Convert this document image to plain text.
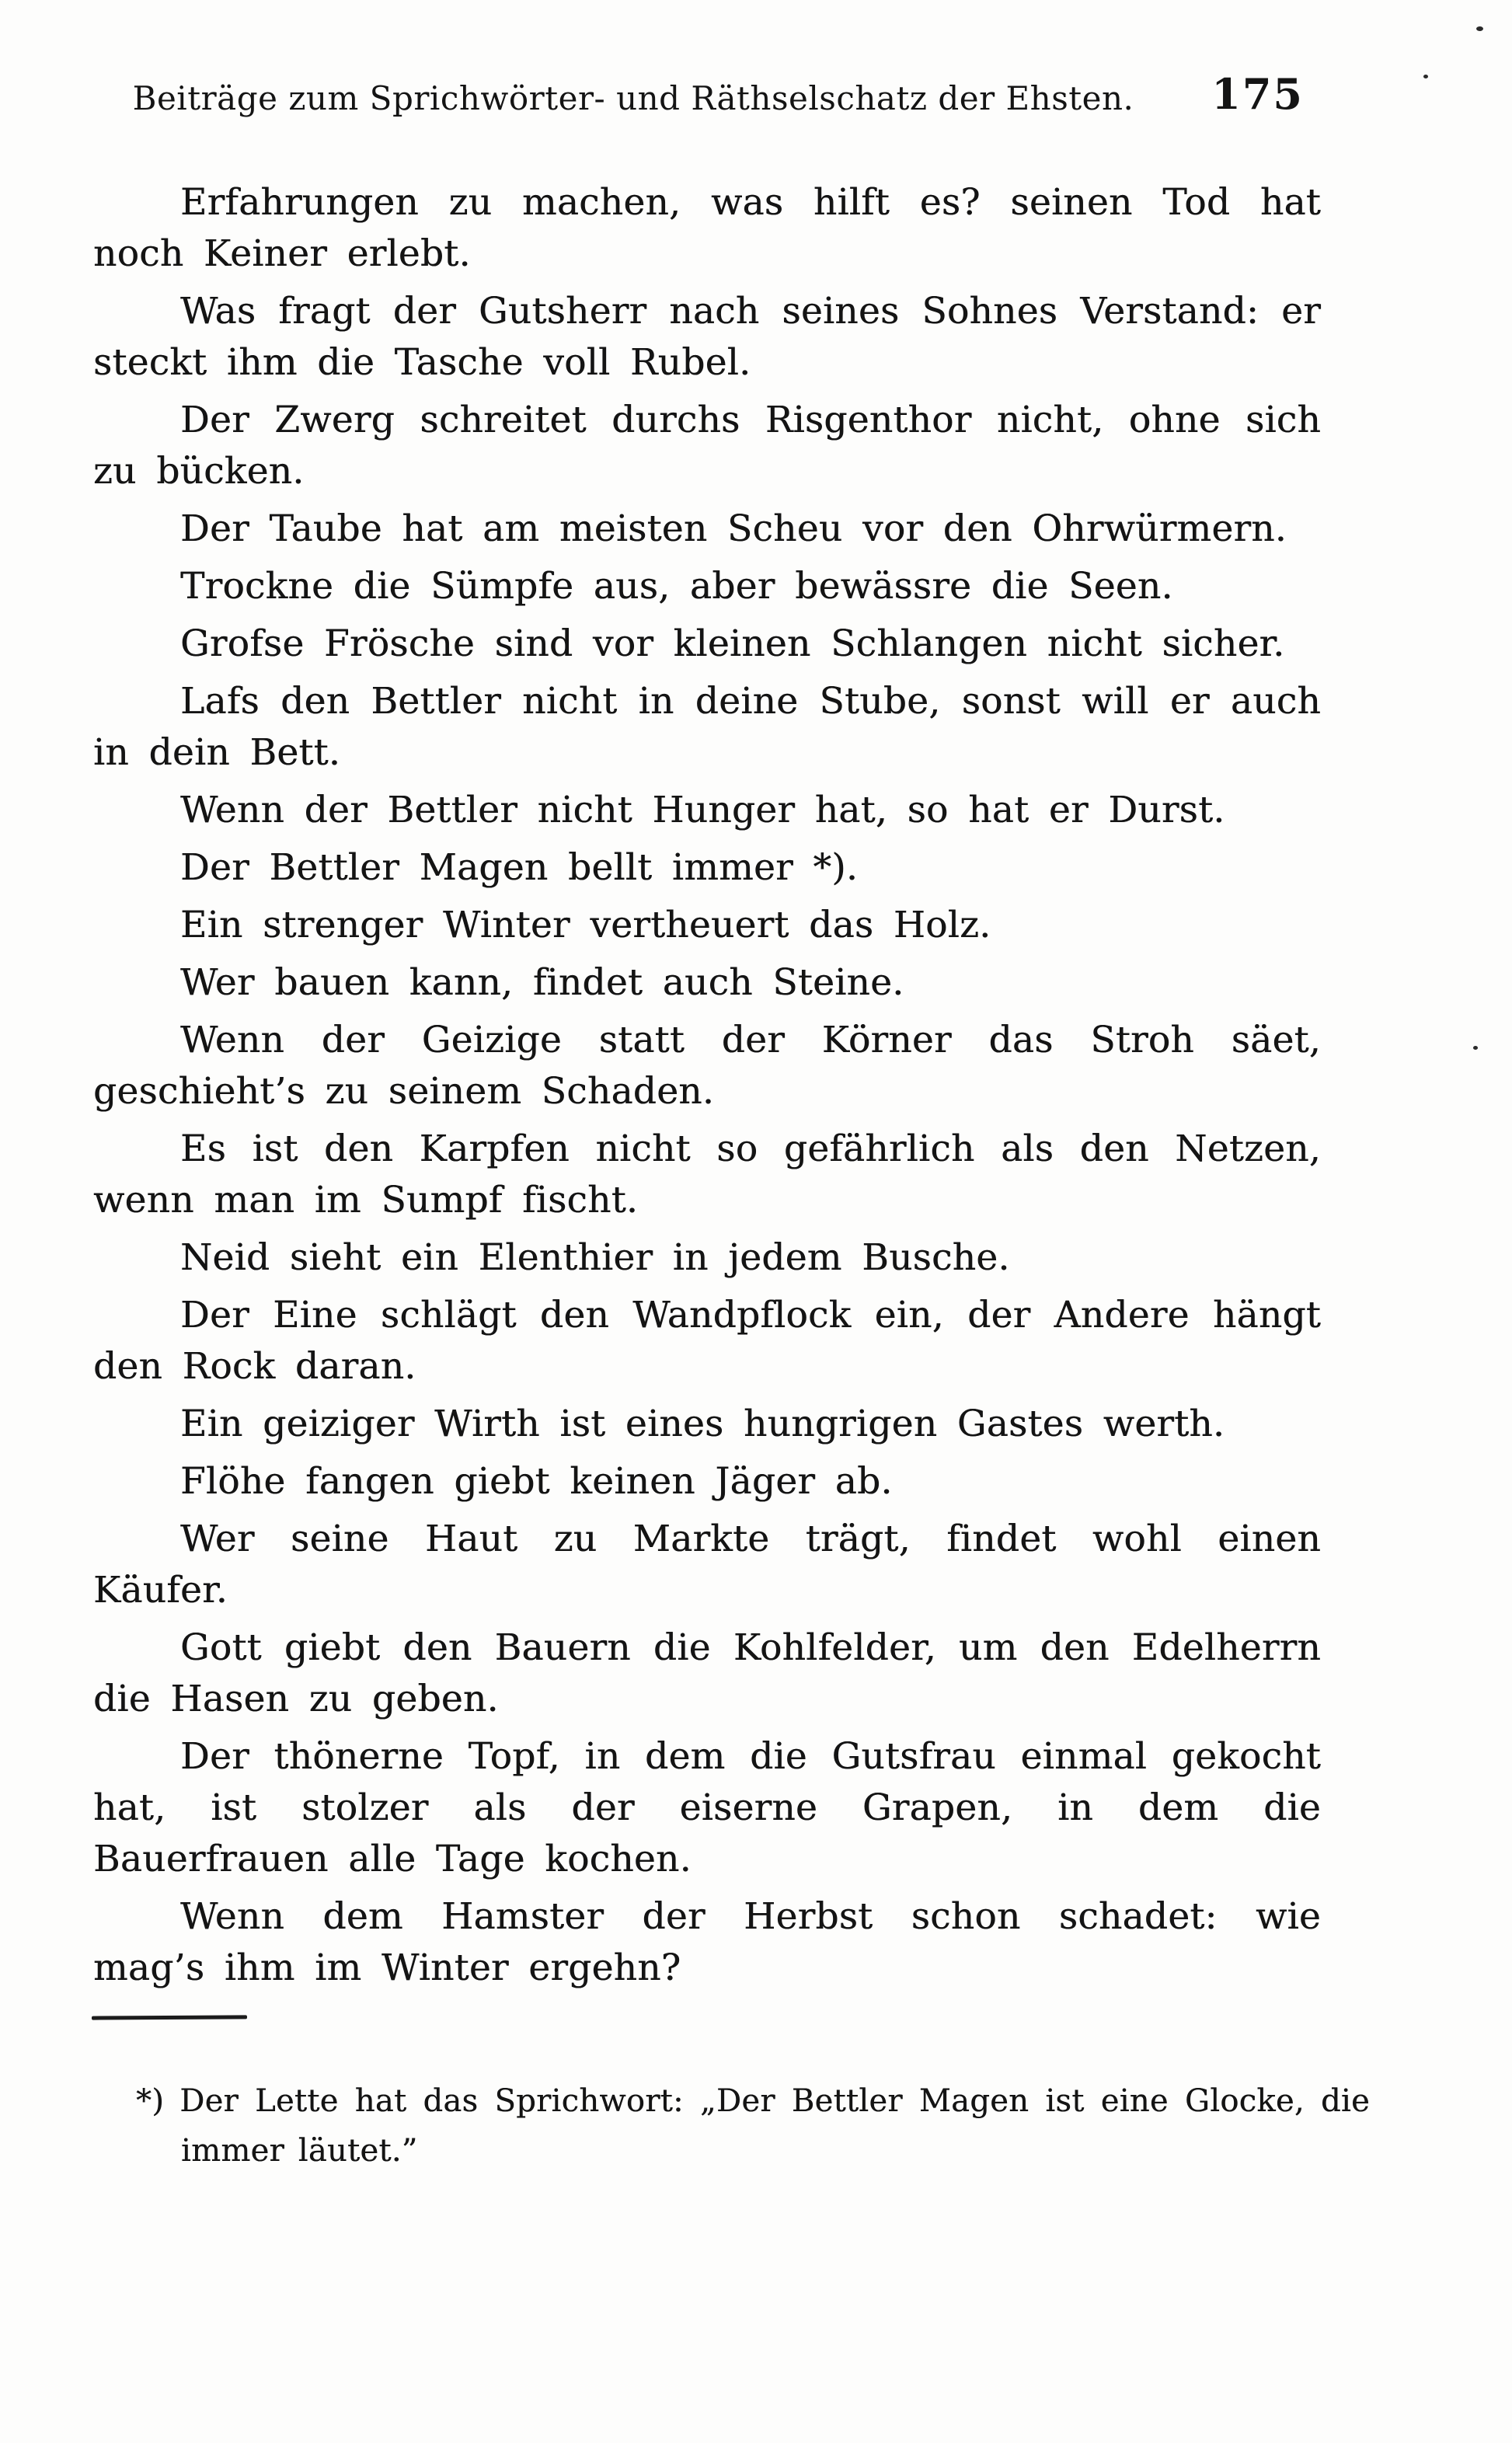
Beiträge zum Sprichwörter- und Räthselschatz der Ehsten.	175

Erfahrungen zu machen, was hilft es? seinen Tod hat noch Keiner erlebt.

Was fragt der Gutsherr nach seines Sohnes Verstand: er steckt ihm die Tasche voll Rubel.

Der Zwerg schreitet durchs Risgenthor nicht, ohne sich zu bücken.

Der Taube hat am meisten Scheu vor den Ohrwürmern.

Trockne die Sümpfe aus, aber bewässre die Seen.

Grofse Frösche sind vor kleinen Schlangen nicht sicher.

Lafs den Bettler nicht in deine Stube, sonst will er auch in dein Bett.

Wenn der Bettler nicht Hunger hat, so hat er Durst.

Der Bettler Magen bellt immer *).

Ein strenger Winter vertheuert das Holz.

Wer bauen kann, findet auch Steine.

Wenn der Geizige statt der Körner das Stroh säet, geschieht’s zu seinem Schaden.

Es ist den Karpfen nicht so gefährlich als den Netzen, wenn man im Sumpf fischt.

Neid sieht ein Elenthier in jedem Busche.

Der Eine schlägt den Wandpflock ein, der Andere hängt den Rock daran.

Ein geiziger Wirth ist eines hungrigen Gastes werth.

Flöhe fangen giebt keinen Jäger ab.

Wer seine Haut zu Markte trägt, findet wohl einen Käufer.

Gott giebt den Bauern die Kohlfelder, um den Edelherrn die Hasen zu geben.

Der thönerne Topf, in dem die Gutsfrau einmal gekocht hat, ist stolzer als der eiserne Grapen, in dem die Bauerfrauen alle Tage kochen.

Wenn dem Hamster der Herbst schon schadet: wie mag’s ihm im Winter ergehn?

*) Der Lette hat das Sprichwort: „Der Bettler Magen ist eine Glocke, die immer läutet.”
